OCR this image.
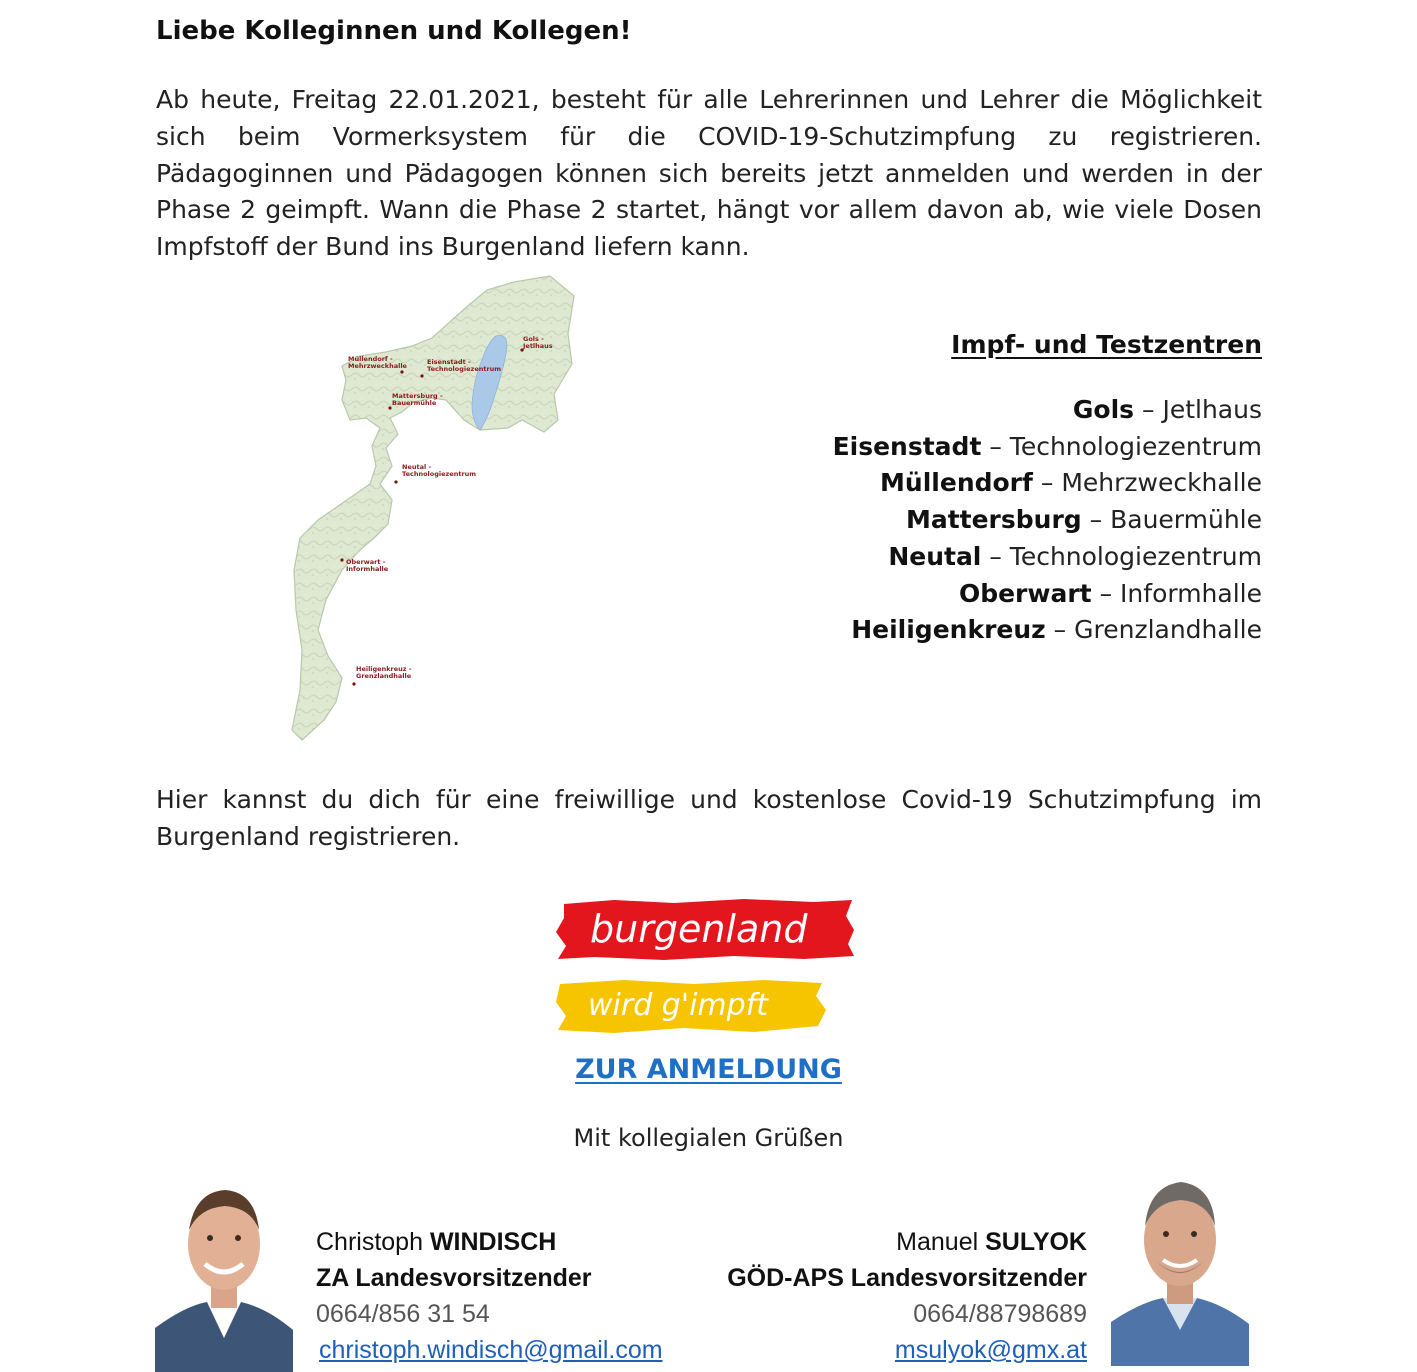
Liebe Kolleginnen und Kollegen!
Ab heute, Freitag 22.01.2021, besteht für alle Lehrerinnen und Lehrer die Möglichkeit sich beim Vormerksystem für die COVID-19-Schutzimpfung zu registrieren. Pädagoginnen und Pädagogen können sich bereits jetzt anmelden und werden in der Phase 2 geimpft. Wann die Phase 2 startet, hängt vor allem davon ab, wie viele Dosen Impfstoff der Bund ins Burgenland liefern kann.
Gols -Jetlhaus
Müllendorf -Mehrzweckhalle	Eisenstadt -Technologiezentrum
Mattersburg -Bauermühle
Neutal -Technologiezentrum
Oberwart -Informhalle
Heiligenkreuz -Grenzlandhalle
Impf- und Testzentren
Gols – Jetlhaus
Eisenstadt – Technologiezentrum
Müllendorf – Mehrzweckhalle
Mattersburg – Bauermühle
Neutal – Technologiezentrum
Oberwart – Informhalle
Heiligenkreuz – Grenzlandhalle
Hier kannst du dich für eine freiwillige und kostenlose Covid-19 Schutzimpfung im Burgenland registrieren.
burgenland
wird g'impft
ZUR ANMELDUNG
Mit kollegialen Grüßen
Christoph WINDISCH
ZA Landesvorsitzender
0664/856 31 54
christoph.windisch@gmail.com
Manuel SULYOK
GÖD-APS Landesvorsitzender
0664/88798689
msulyok@gmx.at
